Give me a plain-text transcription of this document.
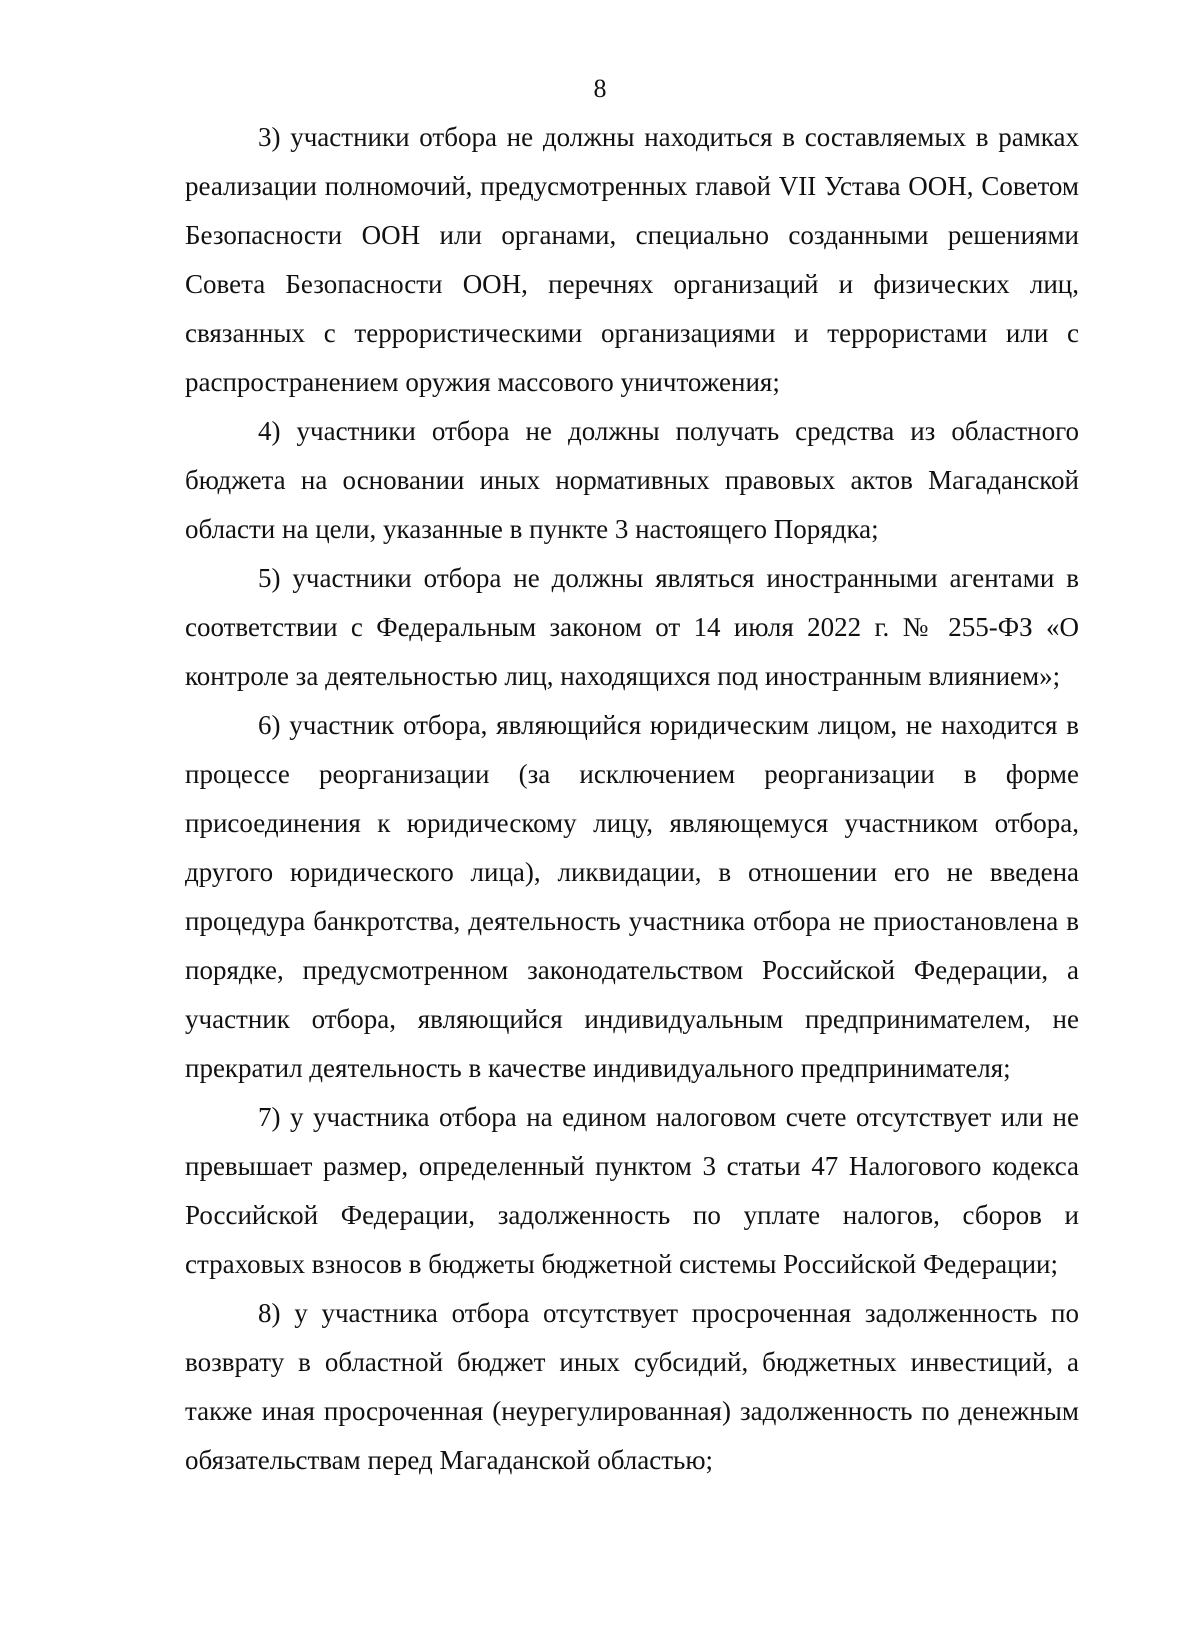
8

3) участники отбора не должны находиться в составляемых в рамках реализации полномочий, предусмотренных главой VII Устава ООН, Советом Безопасности ООН или органами, специально созданными решениями Совета Безопасности ООН, перечнях организаций и физических лиц, связанных с террористическими организациями и террористами или с распространением оружия массового уничтожения;

4) участники отбора не должны получать средства из областного бюджета на основании иных нормативных правовых актов Магаданской области на цели, указанные в пункте 3 настоящего Порядка;

5) участники отбора не должны являться иностранными агентами в соответствии с Федеральным законом от 14 июля 2022 г. № 255-ФЗ «О контроле за деятельностью лиц, находящихся под иностранным влиянием»;

6) участник отбора, являющийся юридическим лицом, не находится в процессе реорганизации (за исключением реорганизации в форме присоединения к юридическому лицу, являющемуся участником отбора, другого юридического лица), ликвидации, в отношении его не введена процедура банкротства, деятельность участника отбора не приостановлена в порядке, предусмотренном законодательством Российской Федерации, а участник отбора, являющийся индивидуальным предпринимателем, не прекратил деятельность в качестве индивидуального предпринимателя;

7) у участника отбора на едином налоговом счете отсутствует или не превышает размер, определенный пунктом 3 статьи 47 Налогового кодекса Российской Федерации, задолженность по уплате налогов, сборов и страховых взносов в бюджеты бюджетной системы Российской Федерации;

8) у участника отбора отсутствует просроченная задолженность по возврату в областной бюджет иных субсидий, бюджетных инвестиций, а также иная просроченная (неурегулированная) задолженность по денежным обязательствам перед Магаданской областью;
